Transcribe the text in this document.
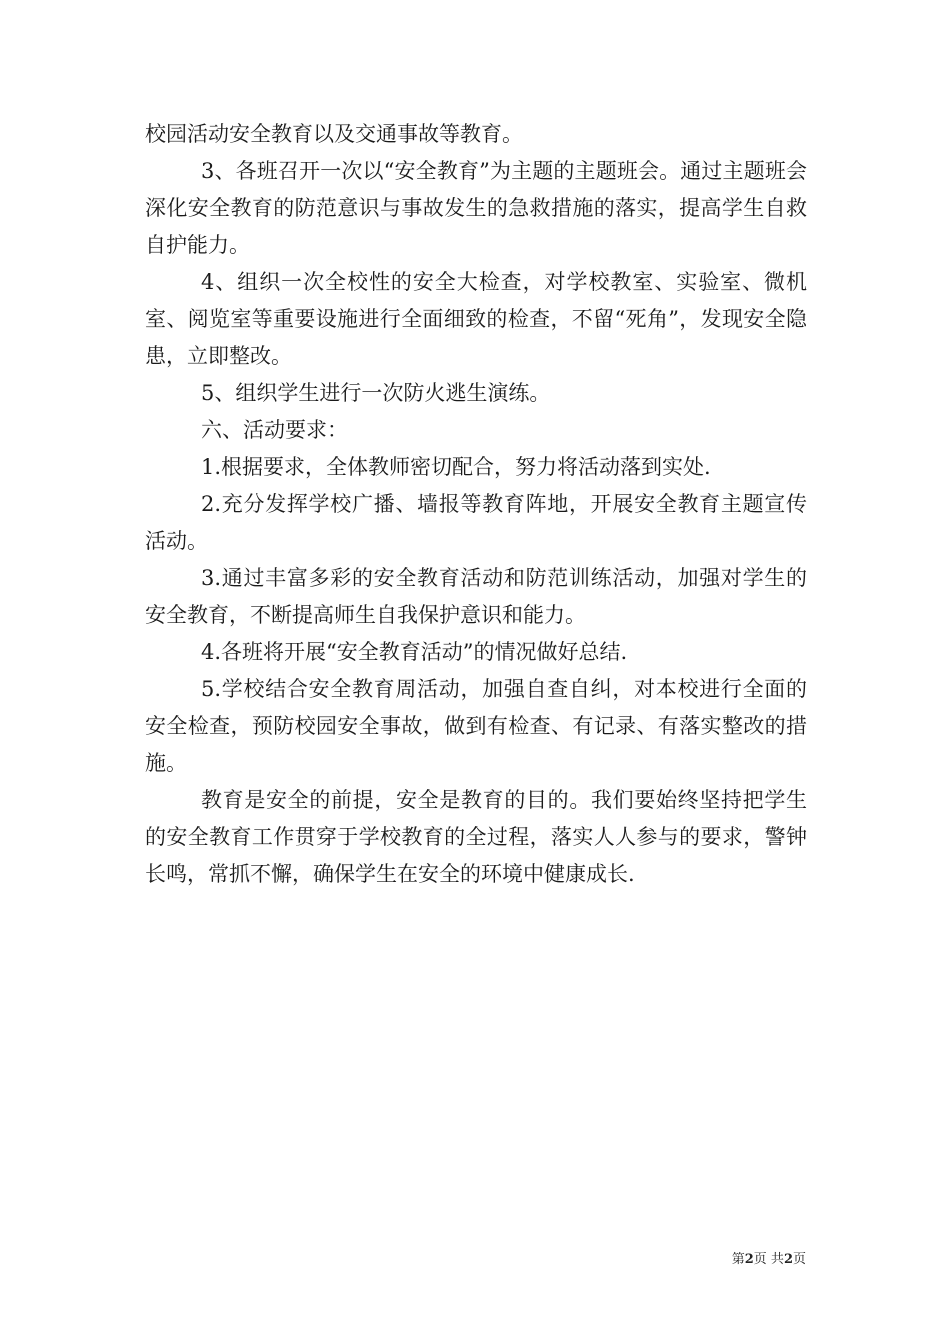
校园活动安全教育以及交通事故等教育。

3、各班召开一次以“安全教育”为主题的主题班会。通过主题班会深化安全教育的防范意识与事故发生的急救措施的落实，提高学生自救自护能力。

4、组织一次全校性的安全大检查，对学校教室、实验室、微机室、阅览室等重要设施进行全面细致的检查，不留“死角”，发现安全隐患，立即整改。

5、组织学生进行一次防火逃生演练。

六、活动要求：

1.根据要求，全体教师密切配合，努力将活动落到实处.

2.充分发挥学校广播、墙报等教育阵地，开展安全教育主题宣传活动。

3.通过丰富多彩的安全教育活动和防范训练活动，加强对学生的安全教育，不断提高师生自我保护意识和能力。

4.各班将开展“安全教育活动”的情况做好总结.

5.学校结合安全教育周活动，加强自查自纠，对本校进行全面的安全检查，预防校园安全事故，做到有检查、有记录、有落实整改的措施。

教育是安全的前提，安全是教育的目的。我们要始终坚持把学生的安全教育工作贯穿于学校教育的全过程，落实人人参与的要求，警钟长鸣，常抓不懈，确保学生在安全的环境中健康成长.

第2页 共2页
